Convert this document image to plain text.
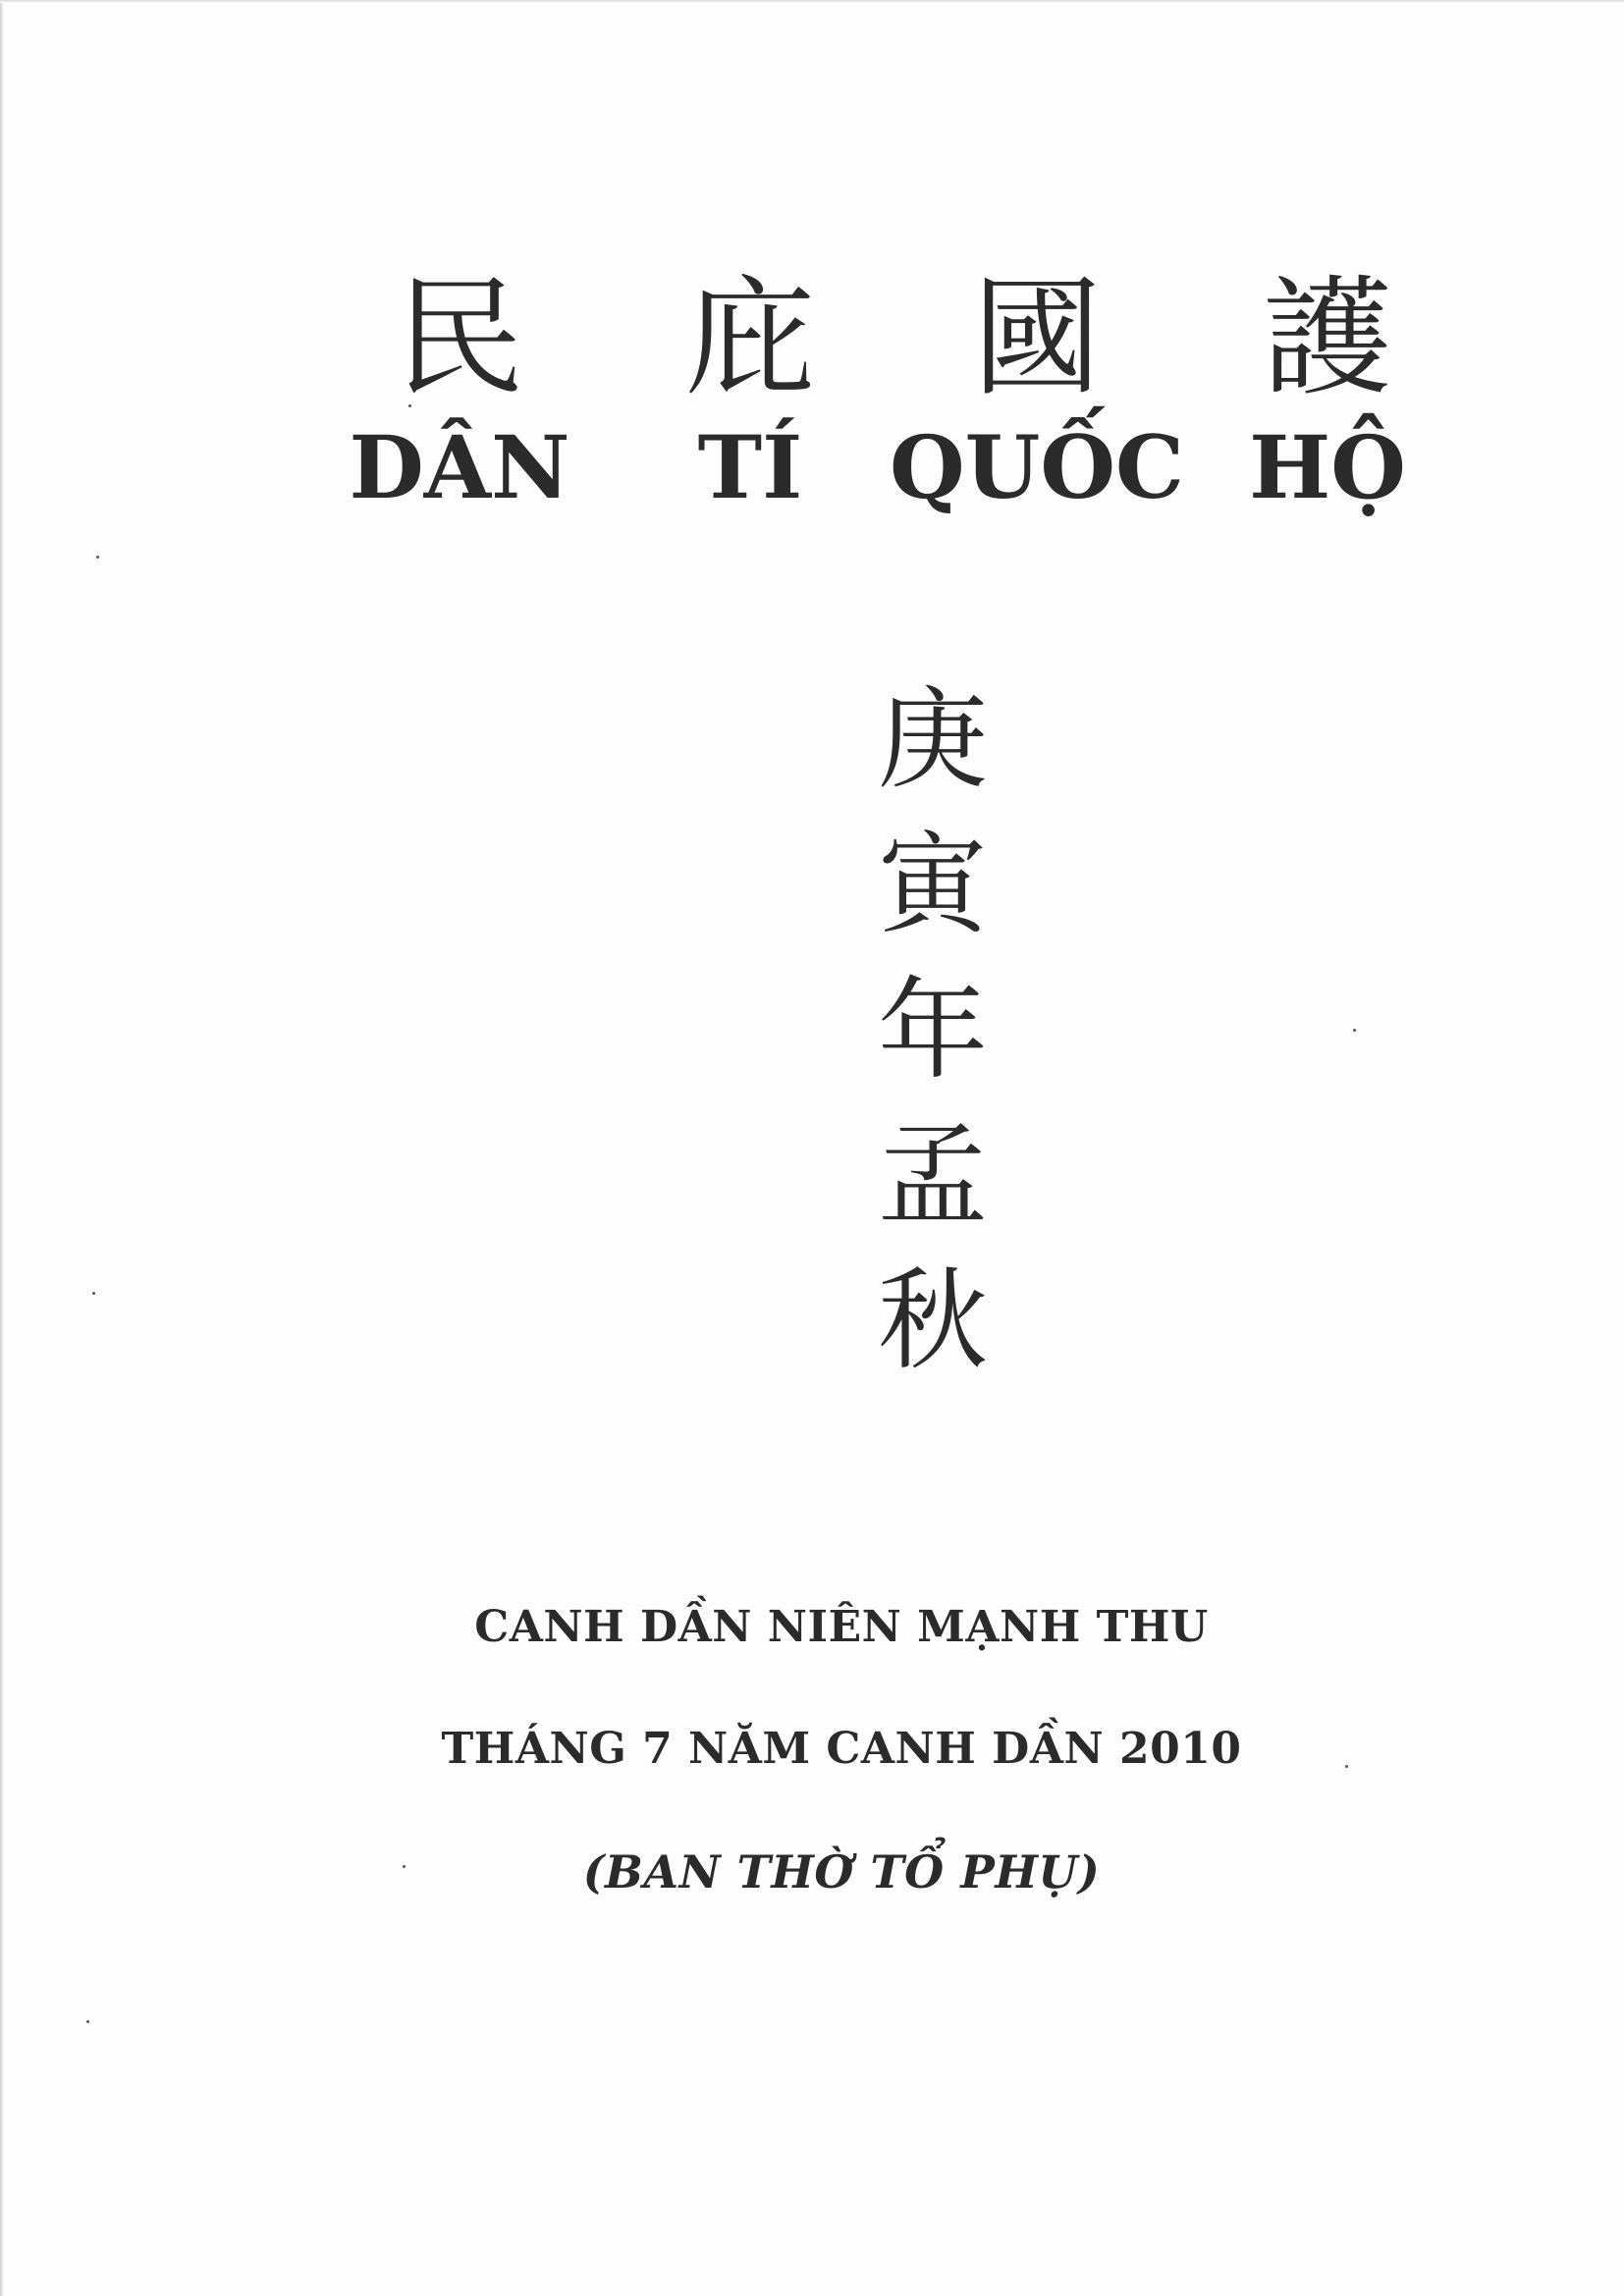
民
DÂN
庇
TÍ
國
QUỐC
護
HỘ
庚
寅
年
孟
秋
CANH DẦN NIÊN MẠNH THU
THÁNG 7 NĂM CANH DẦN 2010
(BAN THỜ TỔ PHỤ)
